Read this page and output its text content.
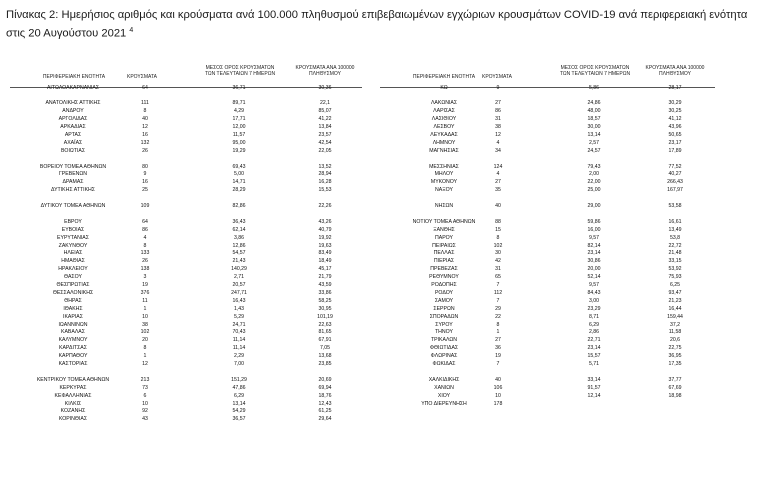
Πίνακας 2: Ημερήσιος αριθμός και κρούσματα ανά 100.000 πληθυσμού επιβεβαιωμένων εγχώριων κρουσμάτων COVID-19 ανά περιφερειακή ενότητα στις 20 Αυγούστου 2021 $^4$
ΠΕΡΙΦΕΡΕΙΑΚΗ ΕΝΟΤΗΤΑ	ΚΡΟΥΣΜΑΤΑ
ΜΕΣΟΣ ΟΡΟΣ ΚΡΟΥΣΜΑΤΩΝ ΤΩΝ ΤΕΛΕΥΤΑΙΩΝ 7 ΗΜΕΡΩΝ
ΚΡΟΥΣΜΑΤΑ ΑΝΑ 100000 ΠΛΗΘΥΣΜΟΥ
ΠΕΡΙΦΕΡΕΙΑΚΗ ΕΝΟΤΗΤΑ	ΚΡΟΥΣΜΑΤΑ
ΜΕΣΟΣ ΟΡΟΣ ΚΡΟΥΣΜΑΤΩΝ ΤΩΝ ΤΕΛΕΥΤΑΙΩΝ 7 ΗΜΕΡΩΝ
ΚΡΟΥΣΜΑΤΑ ΑΝΑ 100000 ΠΛΗΘΥΣΜΟΥ
ΑΙΤΩΛΟΑΚΑΡΝΑΝΙΑΣ	64	36,71	30,36
ΑΝΑΤΟΛΙΚΗΣ ΑΤΤΙΚΗΣ	111	89,71	22,1
ΑΝΔΡΟΥ	8	4,29	85,07
ΑΡΓΟΛΙΔΑΣ	40	17,71	41,22
ΑΡΚΑΔΙΑΣ	12	12,00	13,84
ΑΡΤΑΣ	16	11,57	23,57
ΑΧΑΪΑΣ	132	95,00	42,54
ΒΟΙΩΤΙΑΣ	26	19,29	22,05
ΒΟΡΕΙΟΥ ΤΟΜΕΑ ΑΘΗΝΩΝ	80	69,43	13,52
ΓΡΕΒΕΝΩΝ	9	5,00	28,94
ΔΡΑΜΑΣ	16	14,71	16,28
ΔΥΤΙΚΗΣ ΑΤΤΙΚΗΣ	25	28,29	15,53
ΔΥΤΙΚΟΥ ΤΟΜΕΑ ΑΘΗΝΩΝ	109	82,86	22,26
ΕΒΡΟΥ	64	36,43	43,26
ΕΥΒΟΙΑΣ	86	62,14	40,79
ΕΥΡΥΤΑΝΙΑΣ	4	3,86	19,92
ΖΑΚΥΝΘΟΥ	8	12,86	19,63
ΗΛΕΙΑΣ	133	54,57	83,49
ΗΜΑΘΙΑΣ	26	21,43	18,49
ΗΡΑΚΛΕΙΟΥ	138	140,29	45,17
ΘΑΣΟΥ	3	2,71	21,79
ΘΕΣΠΡΩΤΙΑΣ	19	20,57	43,59
ΘΕΣΣΑΛΟΝΙΚΗΣ	376	247,71	33,86
ΘΗΡΑΣ	11	16,43	58,25
ΙΘΑΚΗΣ	1	1,43	30,95
ΙΚΑΡΙΑΣ	10	5,29	101,19
ΙΩΑΝΝΙΝΩΝ	38	24,71	22,63
ΚΑΒΑΛΑΣ	102	70,43	81,65
ΚΑΛΥΜΝΟΥ	20	11,14	67,91
ΚΑΡΔΙΤΣΑΣ	8	11,14	7,05
ΚΑΡΠΑΘΟΥ	1	2,29	13,68
ΚΑΣΤΟΡΙΑΣ	12	7,00	23,85
ΚΕΝΤΡΙΚΟΥ ΤΟΜΕΑ ΑΘΗΝΩΝ	213	151,29	20,69
ΚΕΡΚΥΡΑΣ	73	47,86	69,94
ΚΕΦΑΛΛΗΝΙΑΣ	6	6,29	18,76
ΚΙΛΚΙΣ	10	13,14	12,43
ΚΟΖΑΝΗΣ	92	54,29	61,25
ΚΟΡΙΝΘΙΑΣ	43	36,57	29,64
ΚΩ	9	5,86	28,17
ΛΑΚΩΝΙΑΣ	27	24,86	30,29
ΛΑΡΙΣΑΣ	86	48,00	30,25
ΛΑΣΙΘΙΟΥ	31	18,57	41,12
ΛΕΣΒΟΥ	38	30,00	43,96
ΛΕΥΚΑΔΑΣ	12	13,14	50,65
ΛΗΜΝΟΥ	4	2,57	23,17
ΜΑΓΝΗΣΙΑΣ	34	24,57	17,89
ΜΕΣΣΗΝΙΑΣ	124	79,43	77,52
ΜΗΛΟΥ	4	2,00	40,27
ΜΥΚΟΝΟΥ	27	22,00	266,43
ΝΑΞΟΥ	35	25,00	167,97
ΝΗΣΩΝ	40	29,00	53,58
ΝΟΤΙΟΥ ΤΟΜΕΑ ΑΘΗΝΩΝ	88	59,86	16,61
ΞΑΝΘΗΣ	15	16,00	13,49
ΠΑΡΟΥ	8	9,57	53,8
ΠΕΙΡΑΙΩΣ	102	82,14	22,72
ΠΕΛΛΑΣ	30	23,14	21,48
ΠΙΕΡΙΑΣ	42	30,86	33,15
ΠΡΕΒΕΖΑΣ	31	20,00	53,92
ΡΕΘΥΜΝΟΥ	65	52,14	75,93
ΡΟΔΟΠΗΣ	7	9,57	6,25
ΡΟΔΟΥ	112	84,43	93,47
ΣΑΜΟΥ	7	3,00	21,23
ΣΕΡΡΩΝ	29	23,29	16,44
ΣΠΟΡΑΔΩΝ	22	8,71	159,44
ΣΥΡΟΥ	8	6,29	37,2
ΤΗΝΟΥ	1	2,86	11,58
ΤΡΙΚΑΛΩΝ	27	22,71	20,6
ΦΘΙΩΤΙΔΑΣ	36	23,14	22,75
ΦΛΩΡΙΝΑΣ	19	15,57	36,95
ΦΩΚΙΔΑΣ	7	5,71	17,35
ΧΑΛΚΙΔΙΚΗΣ	40	33,14	37,77
ΧΑΝΙΩΝ	106	91,57	67,69
ΧΙΟΥ	10	12,14	18,98
ΥΠΟ ΔΙΕΡΕΥΝΗΣΗ	178
